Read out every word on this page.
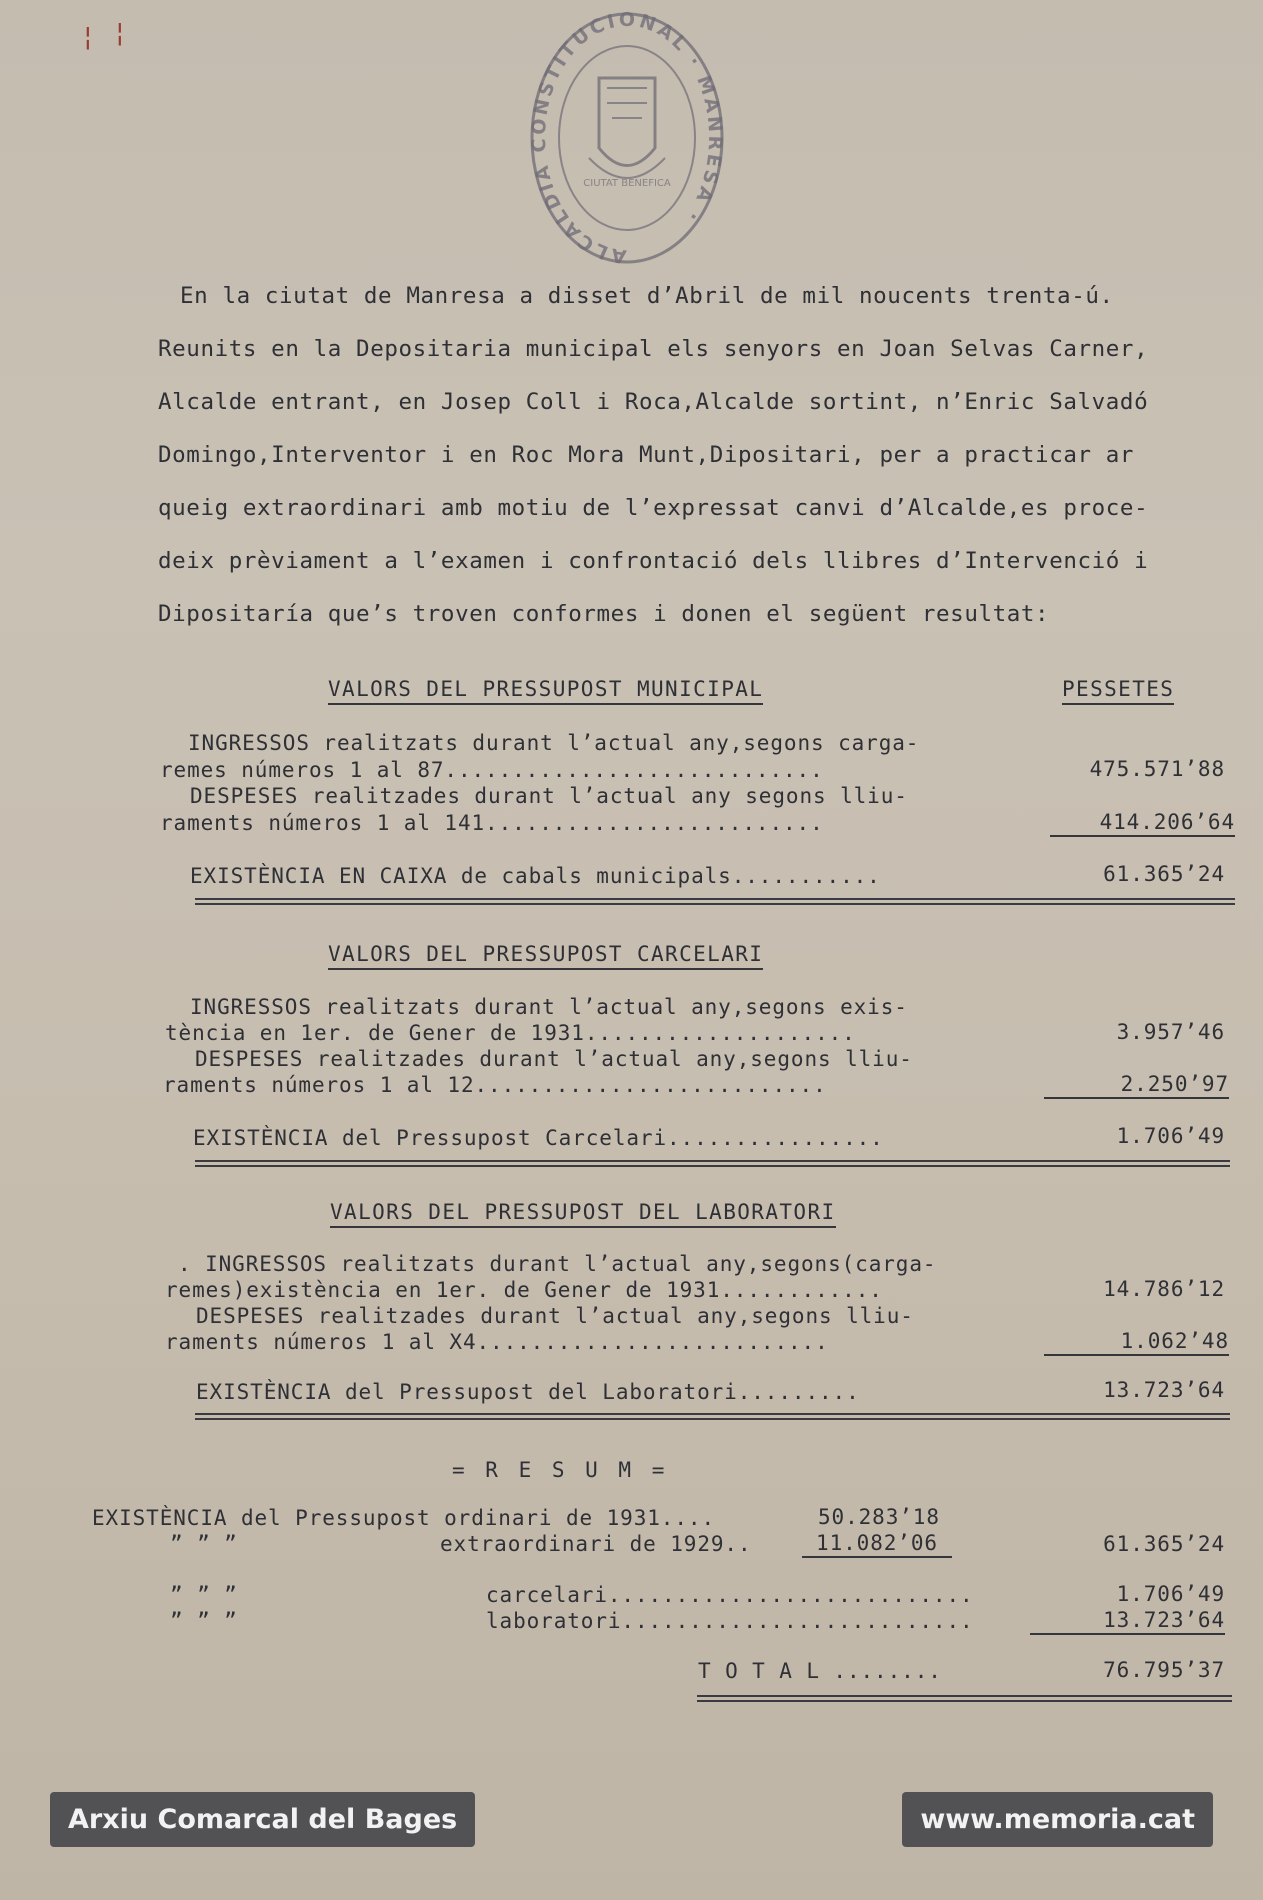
¦ ¦
ALCALDIA CONSTITUCIONAL · MANRESA ·
CIUTAT BENEFICA
En la ciutat de Manresa a disset d’Abril de mil noucents trenta-ú.
Reunits en la Depositaria municipal els senyors en Joan Selvas Carner,
Alcalde entrant, en Josep Coll i Roca,Alcalde sortint, n’Enric Salvadó
Domingo,Interventor i en Roc Mora Munt,Dipositari, per a practicar ar
queig extraordinari amb motiu de l’expressat canvi d’Alcalde,es proce-
deix prèviament a l’examen i confrontació dels llibres d’Intervenció i
Dipositaría que’s troven conformes i donen el següent resultat:
VALORS DEL PRESSUPOST MUNICIPAL	PESSETES
INGRESSOS realitzats durant l’actual any,segons carga-
remes números 1 al 87............................	475.571’88
DESPESES realitzades durant l’actual any segons lliu-
raments números 1 al 141.........................	414.206’64
EXISTÈNCIA EN CAIXA de cabals municipals...........	61.365’24
VALORS DEL PRESSUPOST CARCELARI
INGRESSOS realitzats durant l’actual any,segons exis-
tència en 1er. de Gener de 1931....................	3.957’46
DESPESES realitzades durant l’actual any,segons lliu-
raments números 1 al 12..........................	2.250’97
EXISTÈNCIA del Pressupost Carcelari................	1.706’49
VALORS DEL PRESSUPOST DEL LABORATORI
. INGRESSOS realitzats durant l’actual any,segons(carga-
remes)existència en 1er. de Gener de 1931............	14.786’12
DESPESES realitzades durant l’actual any,segons lliu-
raments números 1 al X4..........................	1.062’48
EXISTÈNCIA del Pressupost del Laboratori.........	13.723’64
= R E S U M =
EXISTÈNCIA del Pressupost ordinari de 1931....	50.283’18
” ” ”	extraordinari de 1929..	11.082’06	61.365’24
” ” ”	carcelari...........................	1.706’49
” ” ”	laboratori..........................	13.723’64
T O T A L ........	76.795’37
Arxiu Comarcal del Bages	www.memoria.cat
